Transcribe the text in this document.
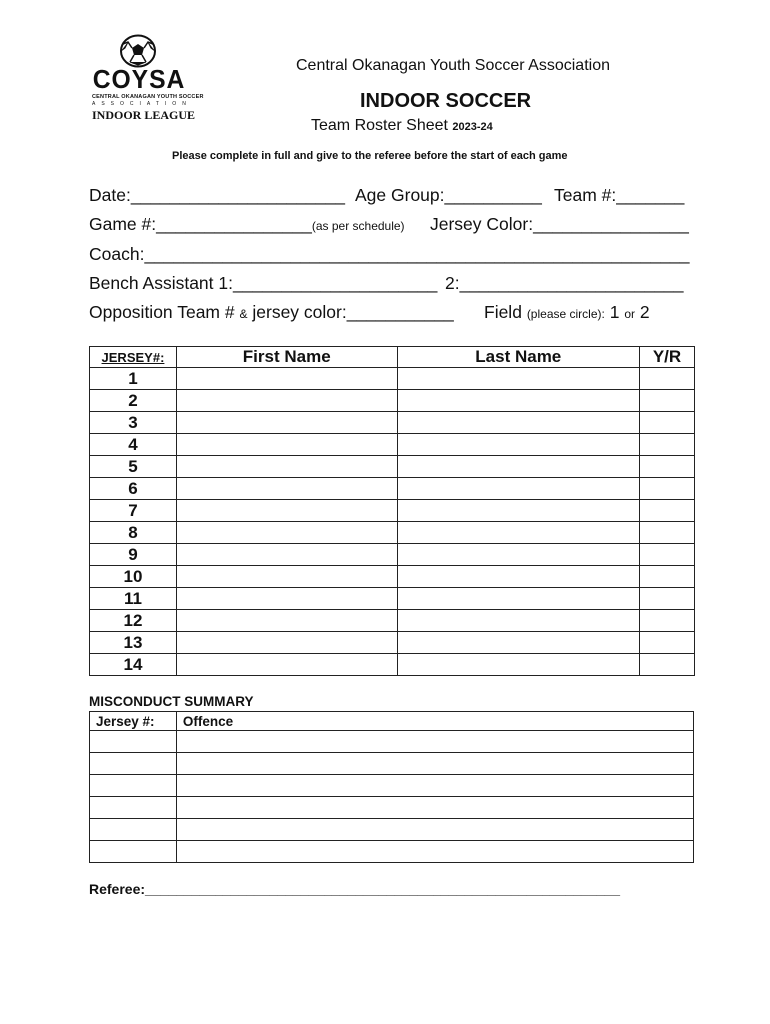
COYSA
CENTRAL OKANAGAN YOUTH SOCCER
ASSOCIATION
INDOOR LEAGUE
Central Okanagan Youth Soccer Association
INDOOR SOCCER
Team Roster Sheet 2023-24
Please complete in full and give to the referee before the start of each game
Date:______________________ Age Group:__________ Team #:_______
Game #:________________(as per schedule) Jersey Color:________________
Coach:________________________________________________________
Bench Assistant 1:_____________________ 2:_______________________
Opposition Team # & jersey color:___________ Field (please circle): 1 or 2
JERSEY#:	First Name	Last Name	Y/R
1			
2			
3			
4			
5			
6			
7			
8			
9			
10			
11			
12			
13			
14			
MISCONDUCT SUMMARY
Jersey #:	Offence

Referee:_____________________________________________________________
